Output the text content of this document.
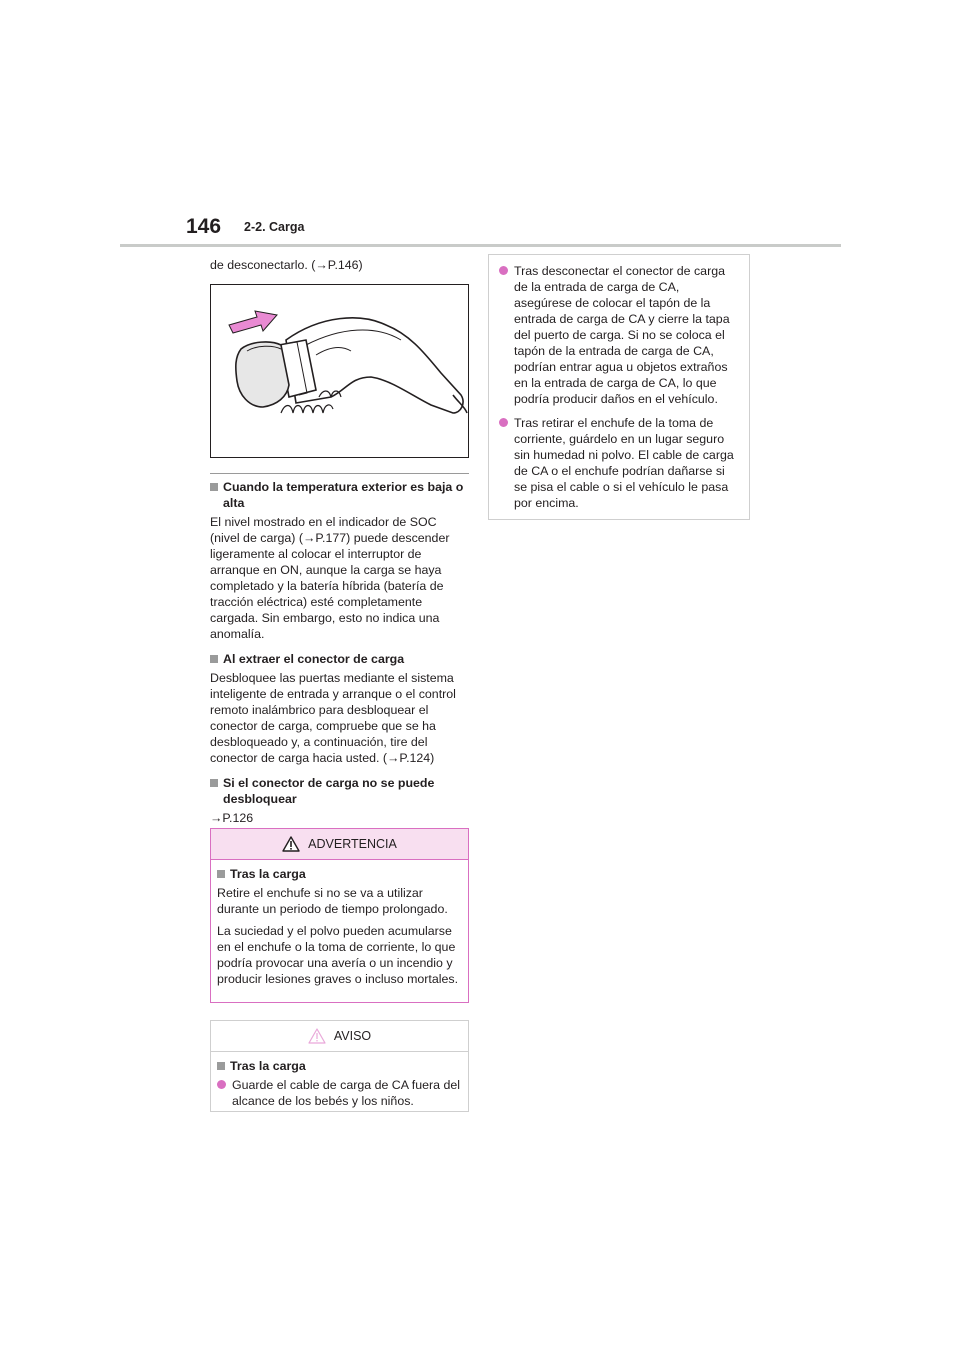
146 2-2. Carga

de desconectarlo. (→P.146)

Cuando la temperatura exterior es baja o alta

El nivel mostrado en el indicador de SOC (nivel de carga) (→P.177) puede descender ligeramente al colocar el interruptor de arranque en ON, aunque la carga se haya completado y la batería híbrida (batería de tracción eléctrica) esté completamente cargada. Sin embargo, esto no indica una anomalía.

Al extraer el conector de carga

Desbloquee las puertas mediante el sistema inteligente de entrada y arranque o el control remoto inalámbrico para desbloquear el conector de carga, compruebe que se ha desbloqueado y, a continuación, tire del conector de carga hacia usted. (→P.124)

Si el conector de carga no se puede desbloquear

→P.126

ADVERTENCIA
Tras la carga

Retire el enchufe si no se va a utilizar durante un periodo de tiempo prolongado.

La suciedad y el polvo pueden acumularse en el enchufe o la toma de corriente, lo que podría provocar una avería o un incendio y producir lesiones graves o incluso mortales.

AVISO
Tras la carga
Guarde el cable de carga de CA fuera del alcance de los bebés y los niños.
Tras desconectar el conector de carga de la entrada de carga de CA, asegúrese de colocar el tapón de la entrada de carga de CA y cierre la tapa del puerto de carga. Si no se coloca el tapón de la entrada de carga de CA, podrían entrar agua u objetos extraños en la entrada de carga de CA, lo que podría producir daños en el vehículo.
Tras retirar el enchufe de la toma de corriente, guárdelo en un lugar seguro sin humedad ni polvo. El cable de carga de CA o el enchufe podrían dañarse si se pisa el cable o si el vehículo le pasa por encima.
